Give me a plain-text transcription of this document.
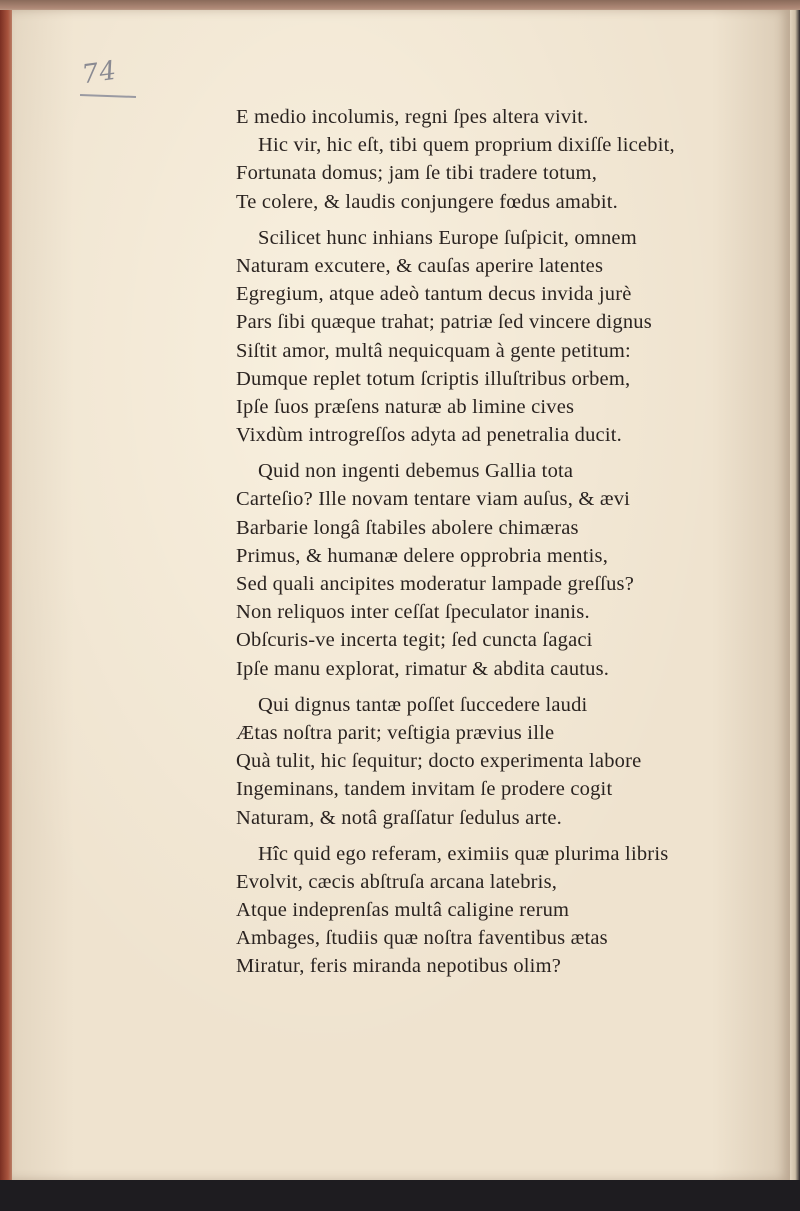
74
E medio incolumis, regni ſpes altera vivit.
Hic vir, hic eſt, tibi quem proprium dixiſſe licebit,
Fortunata domus; jam ſe tibi tradere totum,
Te colere, & laudis conjungere fœdus amabit.
Scilicet hunc inhians Europe ſuſpicit, omnem
Naturam excutere, & cauſas aperire latentes
Egregium, atque adeò tantum decus invida jurè
Pars ſibi quæque trahat; patriæ ſed vincere dignus
Siſtit amor, multâ nequicquam à gente petitum:
Dumque replet totum ſcriptis illuſtribus orbem,
Ipſe ſuos præſens naturæ ab limine cives
Vixdùm introgreſſos adyta ad penetralia ducit.
Quid non ingenti debemus Gallia tota
Carteſio? Ille novam tentare viam auſus, & ævi
Barbarie longâ ſtabiles abolere chimæras
Primus, & humanæ delere opprobria mentis,
Sed quali ancipites moderatur lampade greſſus?
Non reliquos inter ceſſat ſpeculator inanis.
Obſcuris-ve incerta tegit; ſed cuncta ſagaci
Ipſe manu explorat, rimatur & abdita cautus.
Qui dignus tantæ poſſet ſuccedere laudi
Ætas noſtra parit; veſtigia prævius ille
Quà tulit, hic ſequitur; docto experimenta labore
Ingeminans, tandem invitam ſe prodere cogit
Naturam, & notâ graſſatur ſedulus arte.
Hîc quid ego referam, eximiis quæ plurima libris
Evolvit, cæcis abſtruſa arcana latebris,
Atque indeprenſas multâ caligine rerum
Ambages, ſtudiis quæ noſtra faventibus ætas
Miratur, feris miranda nepotibus olim?
